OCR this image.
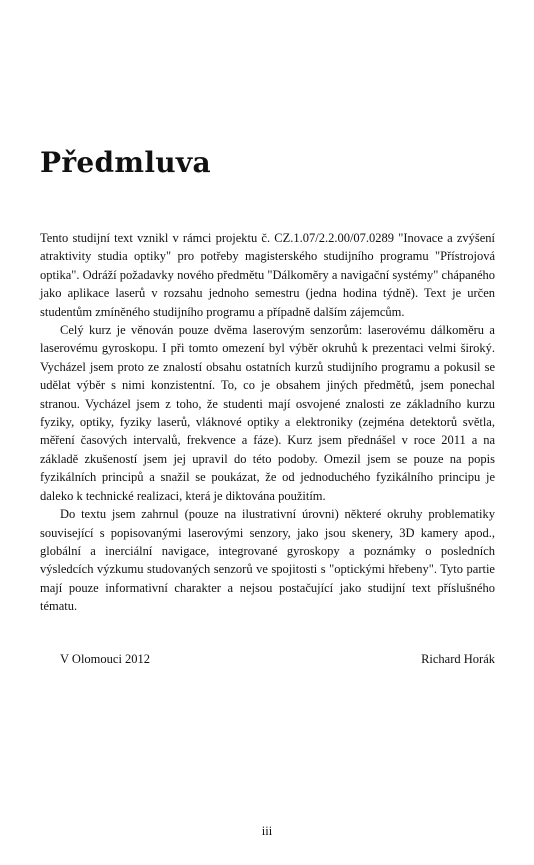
Předmluva

Tento studijní text vznikl v rámci projektu č. CZ.1.07/2.2.00/07.0289 "Inovace a zvýšení atraktivity studia optiky" pro potřeby magisterského studijního programu "Přístrojová optika". Odráží požadavky nového předmětu "Dálkoměry a navigační systémy" chápaného jako aplikace laserů v rozsahu jednoho semestru (jedna hodina týdně). Text je určen studentům zmíněného studijního programu a případně dalším zájemcům.

Celý kurz je věnován pouze dvěma laserovým senzorům: laserovému dálkoměru a laserovému gyroskopu. I při tomto omezení byl výběr okruhů k prezentaci velmi široký. Vycházel jsem proto ze znalostí obsahu ostatních kurzů studijního programu a pokusil se udělat výběr s nimi konzistentní. To, co je obsahem jiných předmětů, jsem ponechal stranou. Vycházel jsem z toho, že studenti mají osvojené znalosti ze základního kurzu fyziky, optiky, fyziky laserů, vláknové optiky a elektroniky (zejména detektorů světla, měření časových intervalů, frekvence a fáze). Kurz jsem přednášel v roce 2011 a na základě zkušeností jsem jej upravil do této podoby. Omezil jsem se pouze na popis fyzikálních principů a snažil se poukázat, že od jednoduchého fyzikálního principu je daleko k technické realizaci, která je diktována použitím.

Do textu jsem zahrnul (pouze na ilustrativní úrovni) některé okruhy problematiky související s popisovanými laserovými senzory, jako jsou skenery, 3D kamery apod., globální a inerciální navigace, integrované gyroskopy a poznámky o posledních výsledcích výzkumu studovaných senzorů ve spojitosti s "optickými hřebeny". Tyto partie mají pouze informativní charakter a nejsou postačující jako studijní text příslušného tématu.

V Olomouci 2012	Richard Horák
iii
